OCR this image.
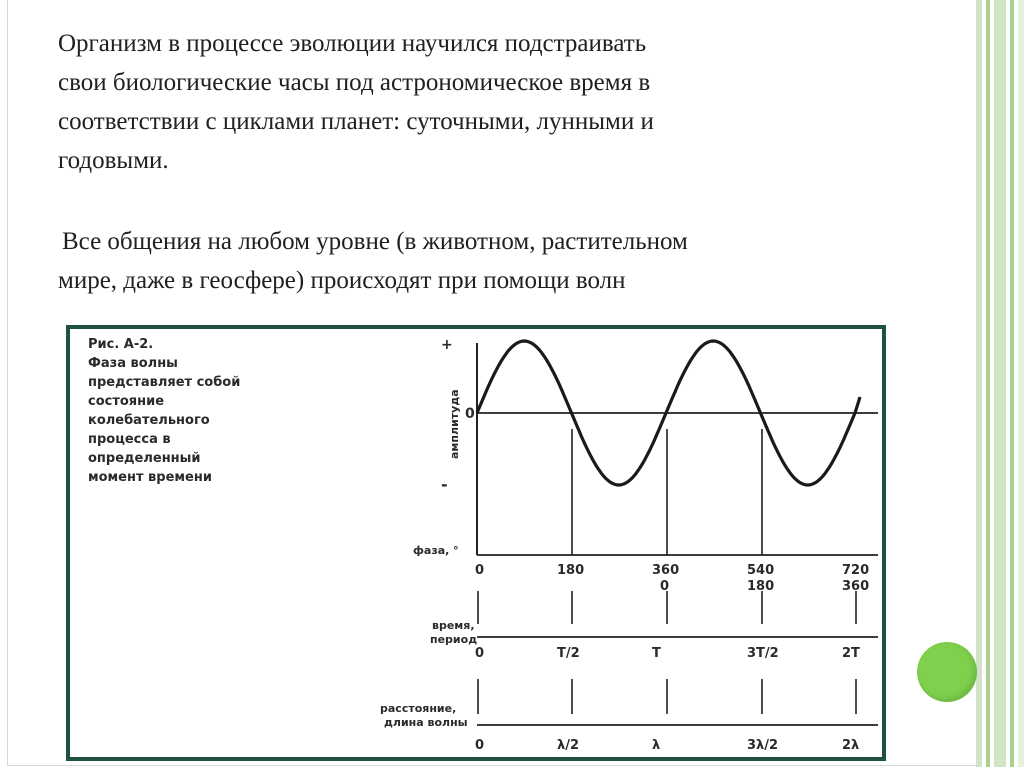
Организм в процессе эволюции научился подстраивать
свои биологические часы под астрономическое время в
соответствии с циклами планет: суточными, лунными и
годовыми.
Все общения на любом уровне (в животном, растительном
мире, даже в геосфере) происходят при помощи волн
Рис. А-2.
Фаза волны
представляет собой
состояние
колебательного
процесса в
определенный
момент времени
+
0
-
амплитуда
фаза, °
0	180	360
0
540
180
720
360
время,
период
0	T/2	T	3T/2	2T
расстояние,
длина волны
0	λ/2	λ	3λ/2	2λ
